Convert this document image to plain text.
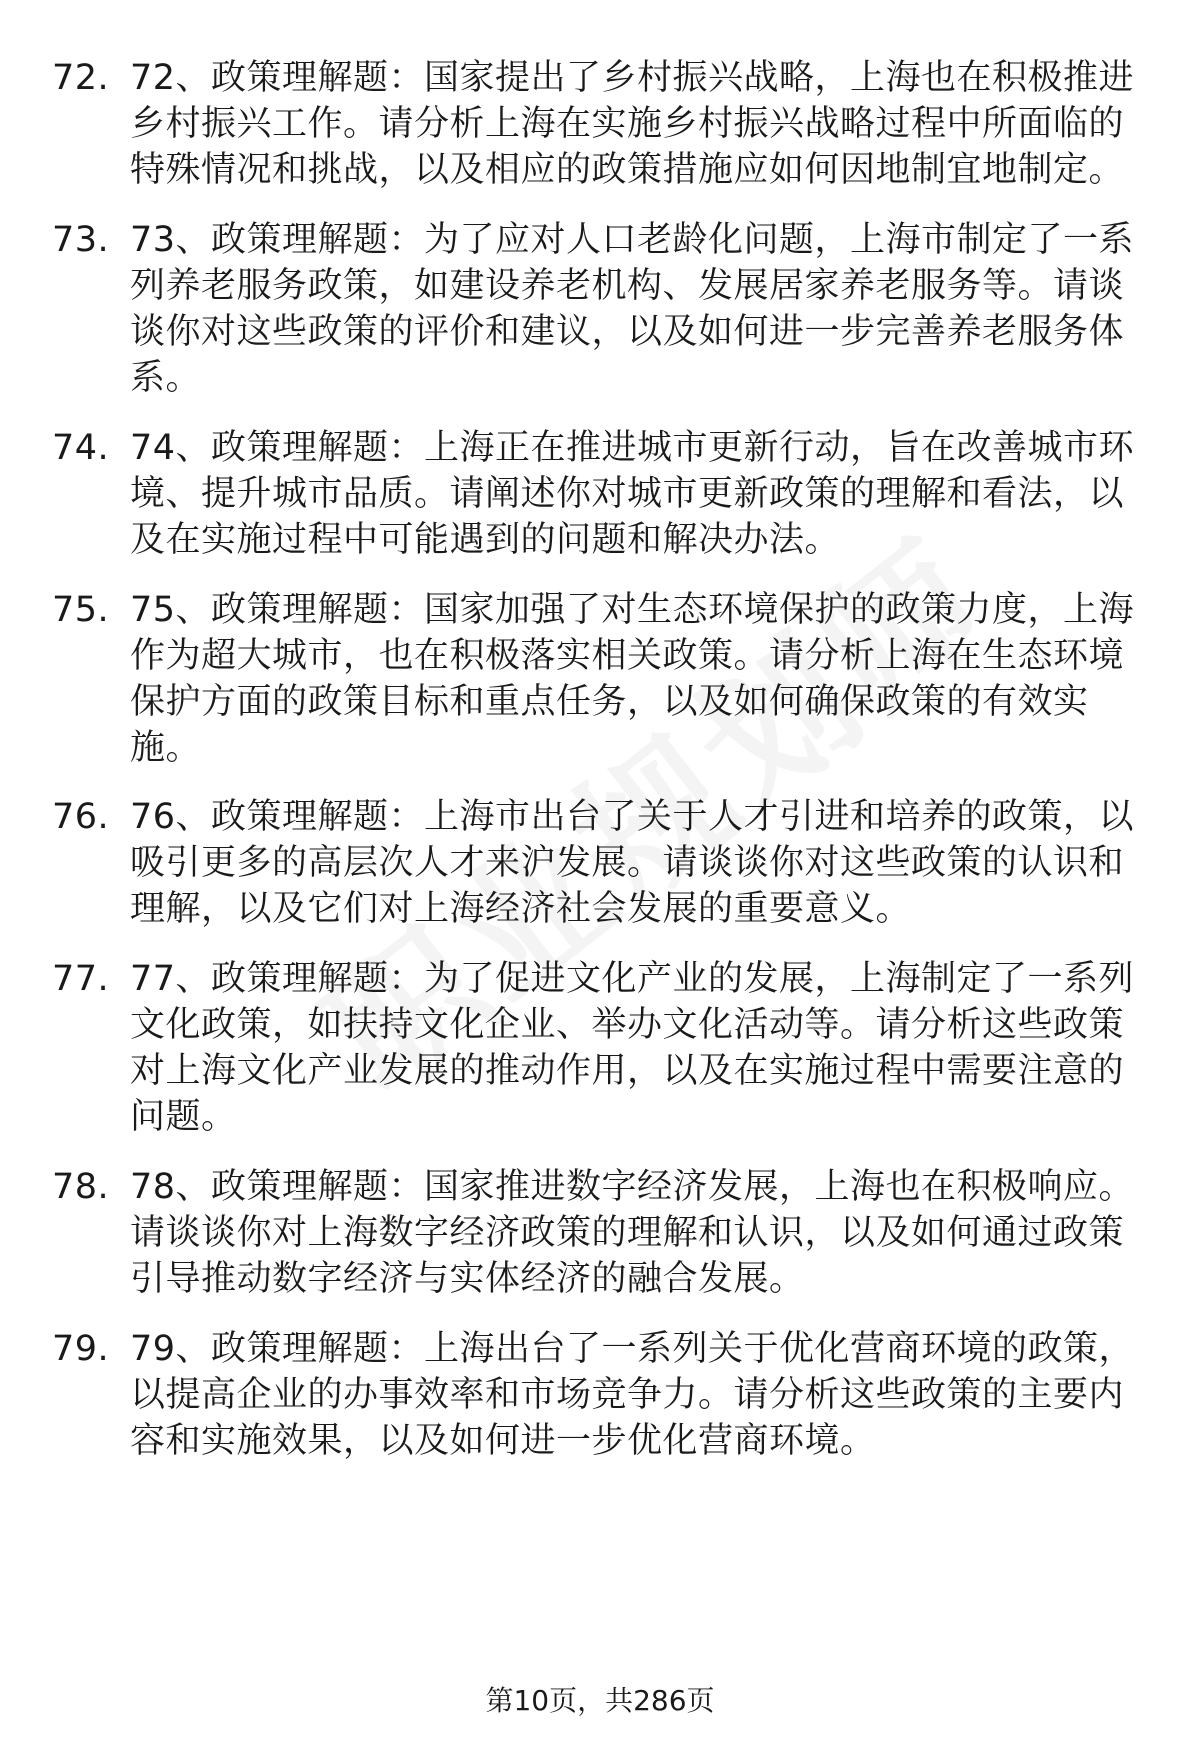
72. 72、政策理解题：国家提出了乡村振兴战略，上海也在积极推进乡村振兴工作。请分析上海在实施乡村振兴战略过程中所面临的特殊情况和挑战，以及相应的政策措施应如何因地制宜地制定。
73. 73、政策理解题：为了应对人口老龄化问题，上海市制定了一系列养老服务政策，如建设养老机构、发展居家养老服务等。请谈谈你对这些政策的评价和建议，以及如何进一步完善养老服务体系。
74. 74、政策理解题：上海正在推进城市更新行动，旨在改善城市环境、提升城市品质。请阐述你对城市更新政策的理解和看法，以及在实施过程中可能遇到的问题和解决办法。
75. 75、政策理解题：国家加强了对生态环境保护的政策力度，上海作为超大城市，也在积极落实相关政策。请分析上海在生态环境保护方面的政策目标和重点任务，以及如何确保政策的有效实施。
76. 76、政策理解题：上海市出台了关于人才引进和培养的政策，以吸引更多的高层次人才来沪发展。请谈谈你对这些政策的认识和理解，以及它们对上海经济社会发展的重要意义。
77. 77、政策理解题：为了促进文化产业的发展，上海制定了一系列文化政策，如扶持文化企业、举办文化活动等。请分析这些政策对上海文化产业发展的推动作用，以及在实施过程中需要注意的问题。
78. 78、政策理解题：国家推进数字经济发展，上海也在积极响应。请谈谈你对上海数字经济政策的理解和认识，以及如何通过政策引导推动数字经济与实体经济的融合发展。
79. 79、政策理解题：上海出台了一系列关于优化营商环境的政策，以提高企业的办事效率和市场竞争力。请分析这些政策的主要内容和实施效果，以及如何进一步优化营商环境。
第10页，共286页
